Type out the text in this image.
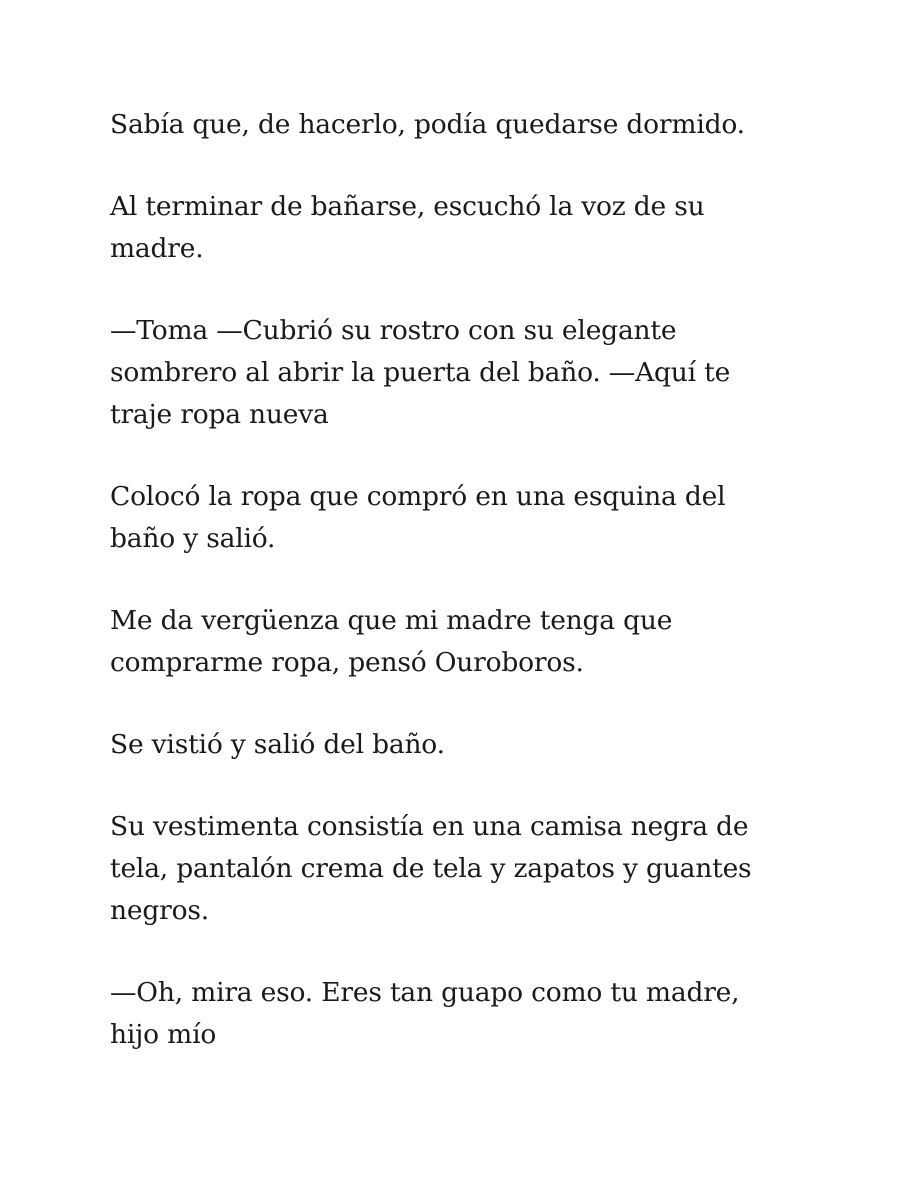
Sabía que, de hacerlo, podía quedarse dormido.

Al terminar de bañarse, escuchó la voz de su
madre.

—Toma —Cubrió su rostro con su elegante
sombrero al abrir la puerta del baño. —Aquí te
traje ropa nueva

Colocó la ropa que compró en una esquina del
baño y salió.

Me da vergüenza que mi madre tenga que
comprarme ropa, pensó Ouroboros.

Se vistió y salió del baño.

Su vestimenta consistía en una camisa negra de
tela, pantalón crema de tela y zapatos y guantes
negros.

—Oh, mira eso. Eres tan guapo como tu madre,
hijo mío
